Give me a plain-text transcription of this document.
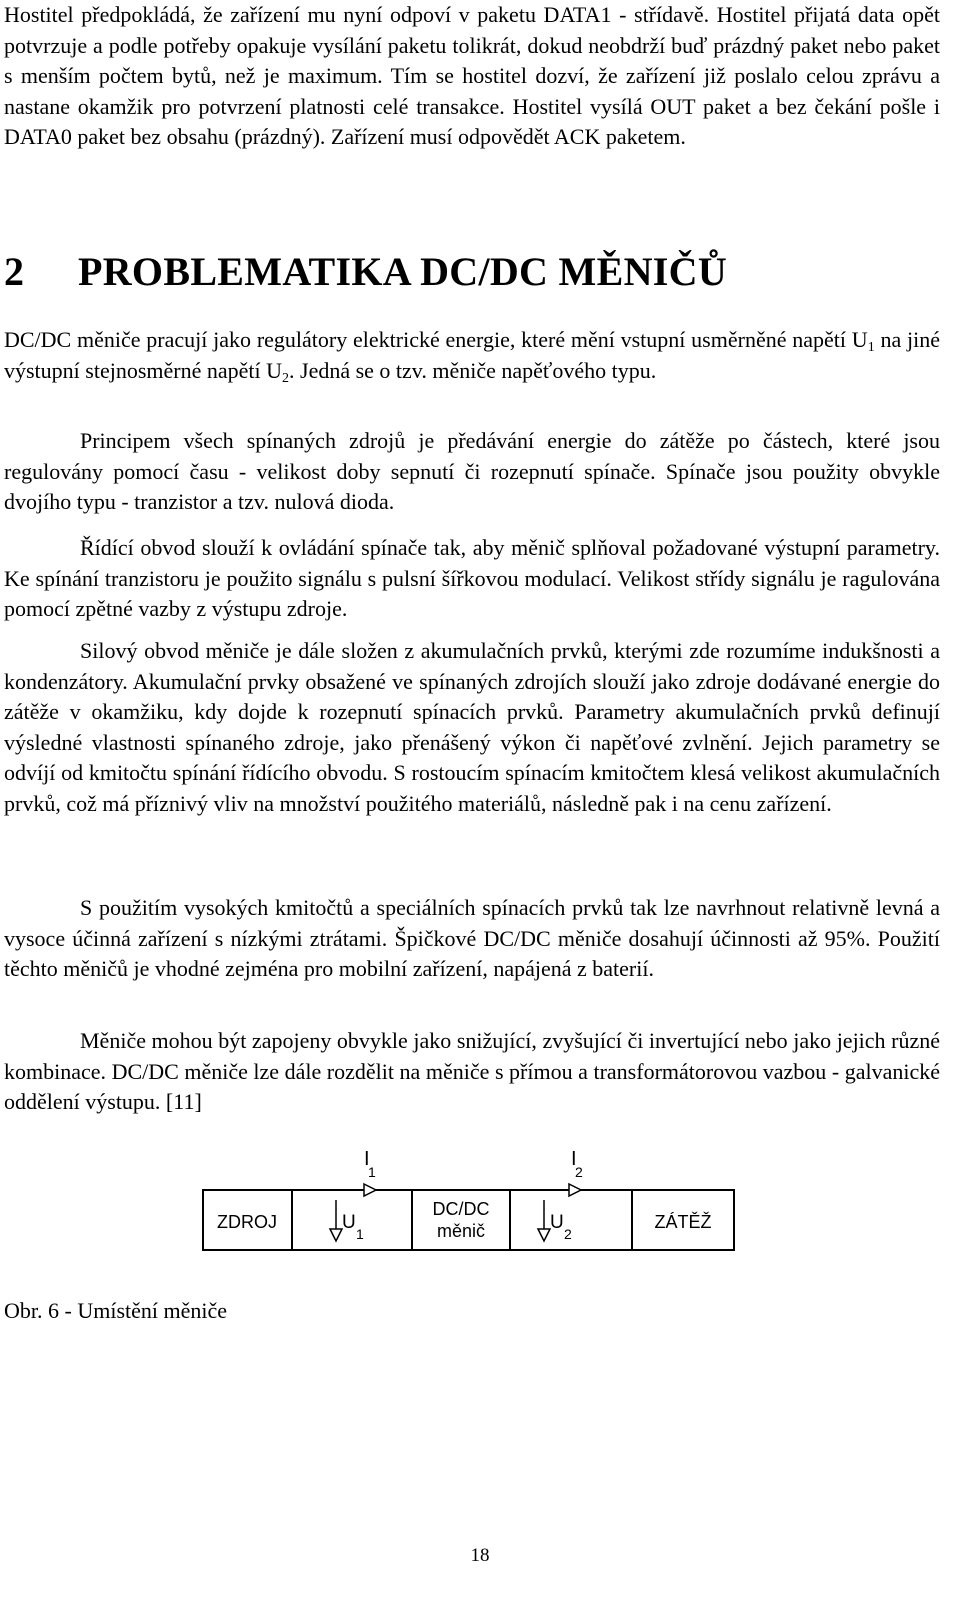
Hostitel předpokládá, že zařízení mu nyní odpoví v paketu DATA1 - střídavě. Hostitel přijatá data opět potvrzuje a podle potřeby opakuje vysílání paketu tolikrát, dokud neobdrží buď prázdný paket nebo paket s menším počtem bytů, než je maximum. Tím se hostitel dozví, že zařízení již poslalo celou zprávu a nastane okamžik pro potvrzení platnosti celé transakce. Hostitel vysílá OUT paket a bez čekání pošle i DATA0 paket bez obsahu (prázdný). Zařízení musí odpovědět ACK paketem.

2 PROBLEMATIKA DC/DC MĚNIČŮ

DC/DC měniče pracují jako regulátory elektrické energie, které mění vstupní usměrněné napětí $U_1$ na jiné výstupní stejnosměrné napětí $U_2$. Jedná se o tzv. měniče napěťového typu.

Principem všech spínaných zdrojů je předávání energie do zátěže po částech, které jsou regulovány pomocí času - velikost doby sepnutí či rozepnutí spínače. Spínače jsou použity obvykle dvojího typu - tranzistor a tzv. nulová dioda.

Řídící obvod slouží k ovládání spínače tak, aby měnič splňoval požadované výstupní parametry. Ke spínání tranzistoru je použito signálu s pulsní šířkovou modulací. Velikost střídy signálu je ragulována pomocí zpětné vazby z výstupu zdroje.

Silový obvod měniče je dále složen z akumulačních prvků, kterými zde rozumíme indukšnosti a kondenzátory. Akumulační prvky obsažené ve spínaných zdrojích slouží jako zdroje dodávané energie do zátěže v okamžiku, kdy dojde k rozepnutí spínacích prvků. Parametry akumulačních prvků definují výsledné vlastnosti spínaného zdroje, jako přenášený výkon či napěťové zvlnění. Jejich parametry se odvíjí od kmitočtu spínání řídícího obvodu. S rostoucím spínacím kmitočtem klesá velikost akumulačních prvků, což má příznivý vliv na množství použitého materiálů, následně pak i na cenu zařízení.

S použitím vysokých kmitočtů a speciálních spínacích prvků tak lze navrhnout relativně levná a vysoce účinná zařízení s nízkými ztrátami. Špičkové DC/DC měniče dosahují účinnosti až 95%. Použití těchto měničů je vhodné zejména pro mobilní zařízení, napájená z baterií.

Měniče mohou být zapojeny obvykle jako snižující, zvyšující či invertující nebo jako jejich různé kombinace. DC/DC měniče lze dále rozdělit na měniče s přímou a transformátorovou vazbou - galvanické oddělení výstupu. [11]

ZDROJ
DC/DC
měnič	ZÁTĚŽ
I
1
I
2
U
1
U
2

Obr. 6 - Umístění měniče

18
